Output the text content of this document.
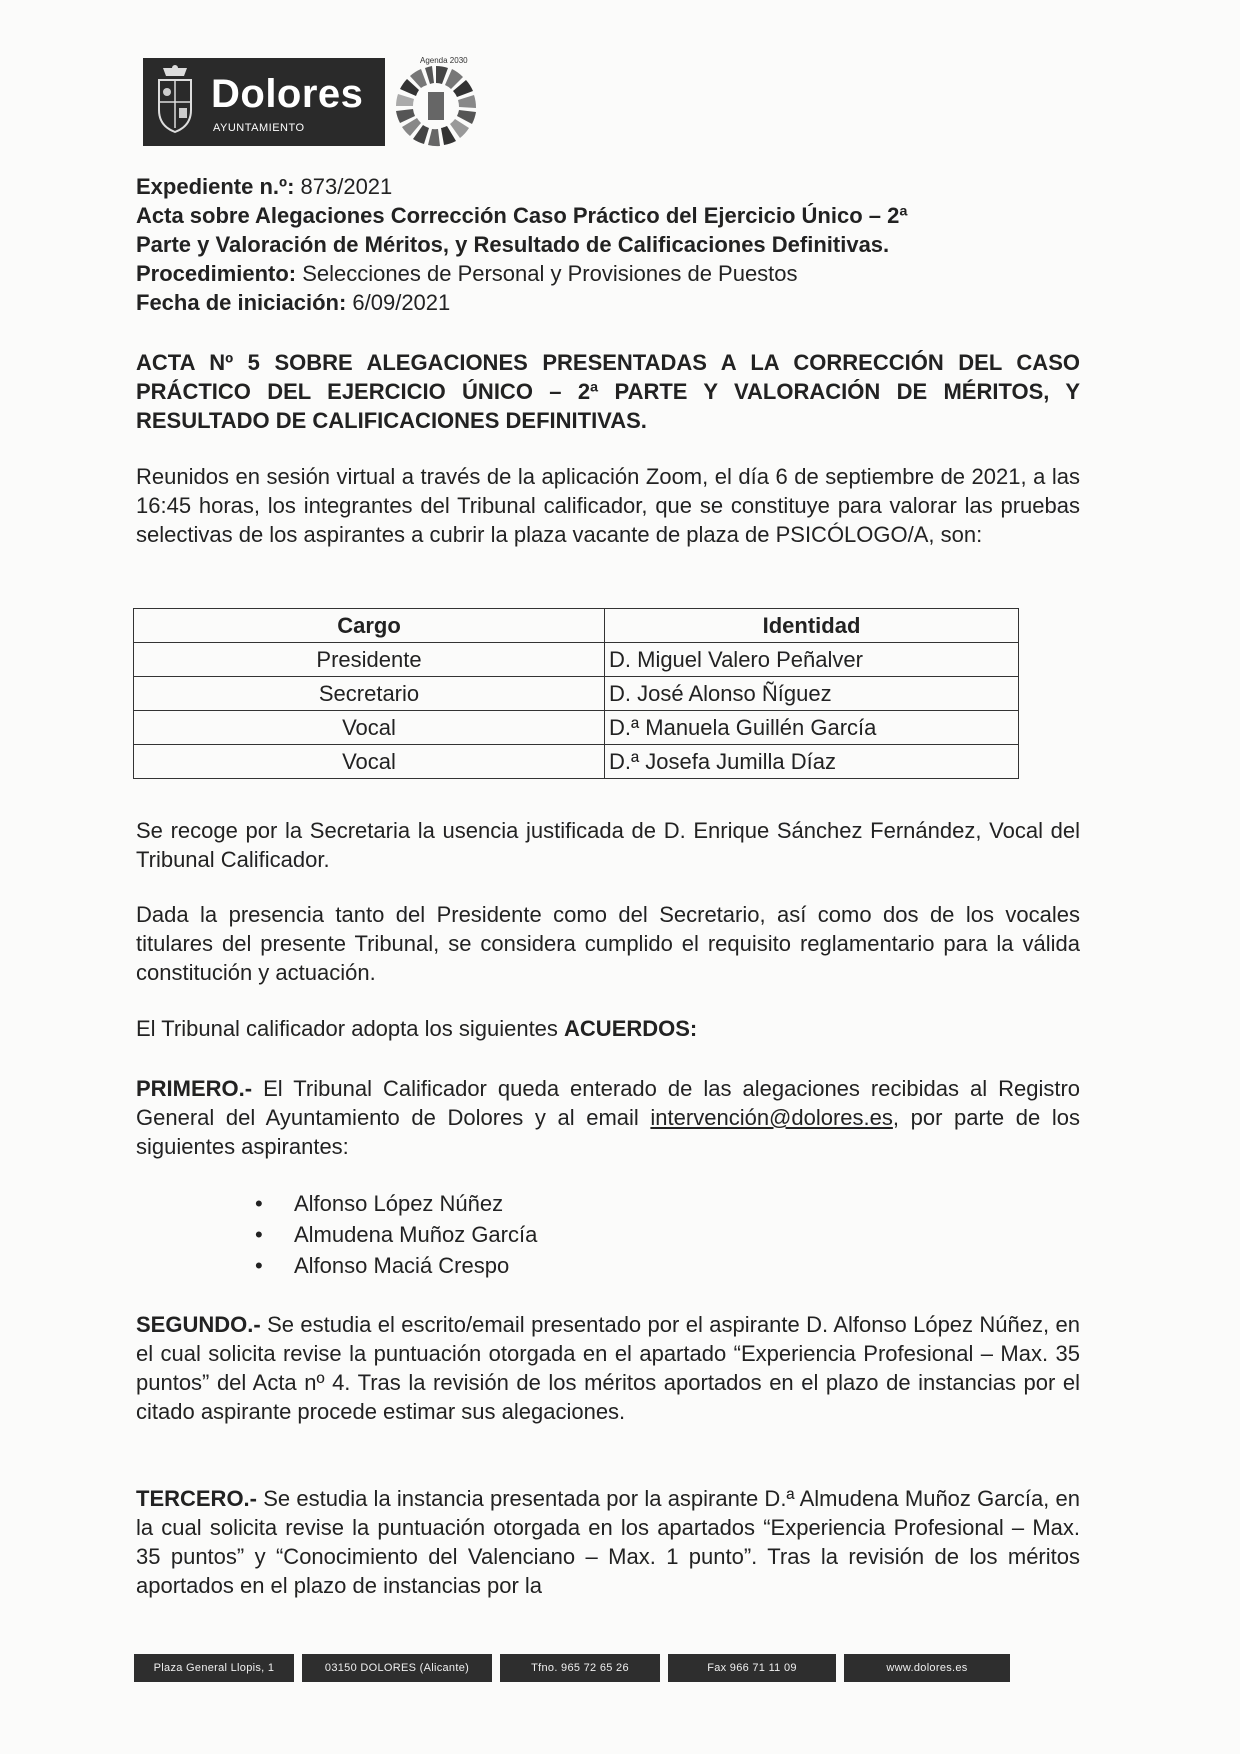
Dolores
AYUNTAMIENTO
Agenda 2030
Expediente n.º: 873/2021
Acta sobre Alegaciones Corrección Caso Práctico del Ejercicio Único – 2ª
Parte y Valoración de Méritos, y Resultado de Calificaciones Definitivas.
Procedimiento: Selecciones de Personal y Provisiones de Puestos
Fecha de iniciación: 6/09/2021
ACTA Nº 5 SOBRE ALEGACIONES PRESENTADAS A LA CORRECCIÓN DEL CASO PRÁCTICO DEL EJERCICIO ÚNICO – 2ª PARTE Y VALORACIÓN DE MÉRITOS, Y RESULTADO DE CALIFICACIONES DEFINITIVAS.
Reunidos en sesión virtual a través de la aplicación Zoom, el día 6 de septiembre de 2021, a las 16:45 horas, los integrantes del Tribunal calificador, que se constituye para valorar las pruebas selectivas de los aspirantes a cubrir la plaza vacante de plaza de PSICÓLOGO/A, son:
Cargo	Identidad
Presidente	D. Miguel Valero Peñalver
Secretario	D. José Alonso Ñíguez
Vocal	D.ª Manuela Guillén García
Vocal	D.ª Josefa Jumilla Díaz
Se recoge por la Secretaria la usencia justificada de D. Enrique Sánchez Fernández, Vocal del Tribunal Calificador.
Dada la presencia tanto del Presidente como del Secretario, así como dos de los vocales titulares del presente Tribunal, se considera cumplido el requisito reglamentario para la válida constitución y actuación.
El Tribunal calificador adopta los siguientes ACUERDOS:
PRIMERO.- El Tribunal Calificador queda enterado de las alegaciones recibidas al Registro General del Ayuntamiento de Dolores y al email intervención@dolores.es, por parte de los siguientes aspirantes:
• Alfonso López Núñez
• Almudena Muñoz García
• Alfonso Maciá Crespo
SEGUNDO.- Se estudia el escrito/email presentado por el aspirante D. Alfonso López Núñez, en el cual solicita revise la puntuación otorgada en el apartado “Experiencia Profesional – Max. 35 puntos” del Acta nº 4. Tras la revisión de los méritos aportados en el plazo de instancias por el citado aspirante procede estimar sus alegaciones.
TERCERO.- Se estudia la instancia presentada por la aspirante D.ª Almudena Muñoz García, en la cual solicita revise la puntuación otorgada en los apartados “Experiencia Profesional – Max. 35 puntos” y “Conocimiento del Valenciano – Max. 1 punto”. Tras la revisión de los méritos aportados en el plazo de instancias por la
Plaza General Llopis, 1	03150 DOLORES (Alicante)	Tfno. 965 72 65 26	Fax 966 71 11 09	www.dolores.es
